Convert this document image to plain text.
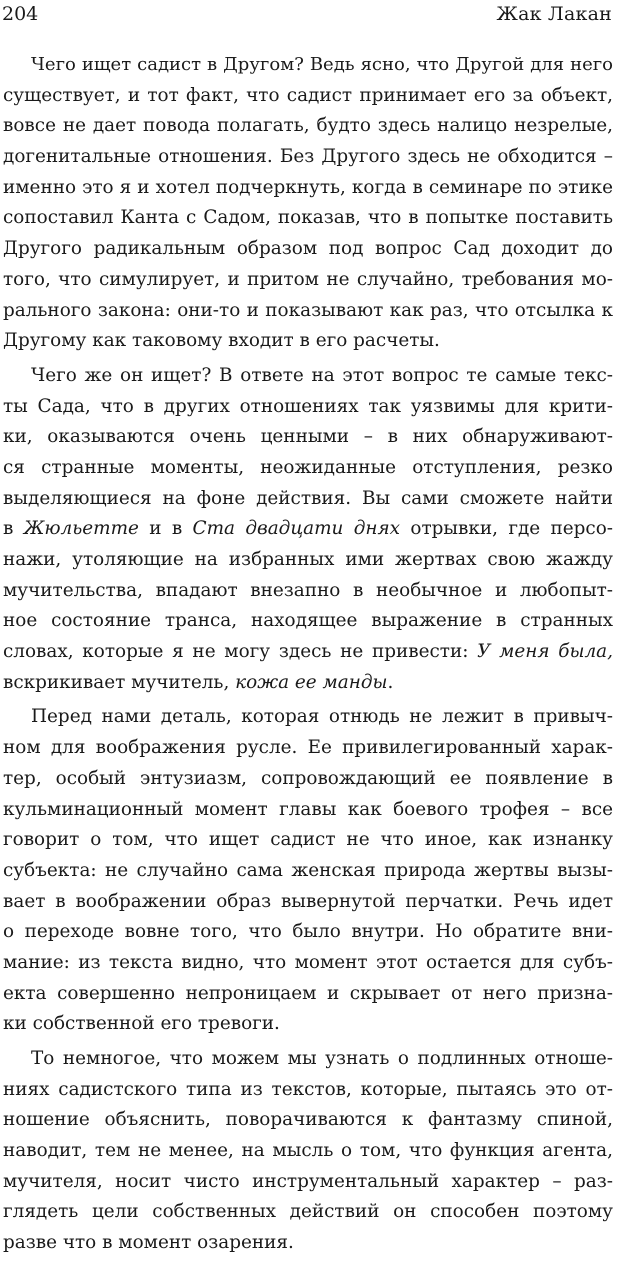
204	Жак Лакан
Чего ищет садист в Другом? Ведь ясно, что Другой для него
существует, и тот факт, что садист принимает его за объект,
вовсе не дает повода полагать, будто здесь налицо незрелые,
догенитальные отношения. Без Другого здесь не обходится –
именно это я и хотел подчеркнуть, когда в семинаре по этике
сопоставил Канта с Садом, показав, что в попытке поставить
Другого радикальным образом под вопрос Сад доходит до
того, что симулирует, и притом не случайно, требования мо-
рального закона: они-то и показывают как раз, что отсылка к
Другому как таковому входит в его расчеты.
Чего же он ищет? В ответе на этот вопрос те самые текс-
ты Сада, что в других отношениях так уязвимы для крити-
ки, оказываются очень ценными – в них обнаруживают-
ся странные моменты, неожиданные отступления, резко
выделяющиеся на фоне действия. Вы сами сможете найти
в Жюльетте и в Ста двадцати днях отрывки, где персо-
нажи, утоляющие на избранных ими жертвах свою жажду
мучительства, впадают внезапно в необычное и любопыт-
ное состояние транса, находящее выражение в странных
словах, которые я не могу здесь не привести: У меня была,
вскрикивает мучитель, кожа ее манды.
Перед нами деталь, которая отнюдь не лежит в привыч-
ном для воображения русле. Ее привилегированный харак-
тер, особый энтузиазм, сопровождающий ее появление в
кульминационный момент главы как боевого трофея – все
говорит о том, что ищет садист не что иное, как изнанку
субъекта: не случайно сама женская природа жертвы вызы-
вает в воображении образ вывернутой перчатки. Речь идет
о переходе вовне того, что было внутри. Но обратите вни-
мание: из текста видно, что момент этот остается для субъ-
екта совершенно непроницаем и скрывает от него призна-
ки собственной его тревоги.
То немногое, что можем мы узнать о подлинных отноше-
ниях садистского типа из текстов, которые, пытаясь это от-
ношение объяснить, поворачиваются к фантазму спиной,
наводит, тем не менее, на мысль о том, что функция агента,
мучителя, носит чисто инструментальный характер – раз-
глядеть цели собственных действий он способен поэтому
разве что в момент озарения.
